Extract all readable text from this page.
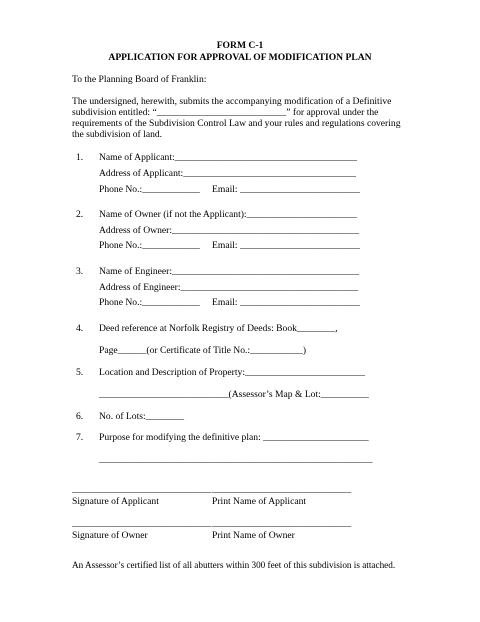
FORM C-1
APPLICATION FOR APPROVAL OF MODIFICATION PLAN
To the Planning Board of Franklin:
The undersigned, herewith, submits the accompanying modification of a Definitive
subdivision entitled: “___________________________” for approval under the
requirements of the Subdivision Control Law and your rules and regulations covering
the subdivision of land.
1. Name of Applicant:______________________________________
Address of Applicant:____________________________________
Phone No.:____________ Email: _________________________
2. Name of Owner (if not the Applicant):_______________________
Address of Owner:_______________________________________
Phone No.:____________ Email: _________________________
3. Name of Engineer:_______________________________________
Address of Engineer:_____________________________________
Phone No.:____________ Email: _________________________
4. Deed reference at Norfolk Registry of Deeds: Book________,
Page______(or Certificate of Title No.:___________)
5. Location and Description of Property:_________________________
___________________________(Assessor’s Map & Lot:__________
6. No. of Lots:________
7. Purpose for modifying the definitive plan: ______________________
_________________________________________________________
_____________________________ _____________________________
Signature of Applicant	Print Name of Applicant
_____________________________ _____________________________
Signature of Owner	Print Name of Owner
An Assessor’s certified list of all abutters within 300 feet of this subdivision is attached.
